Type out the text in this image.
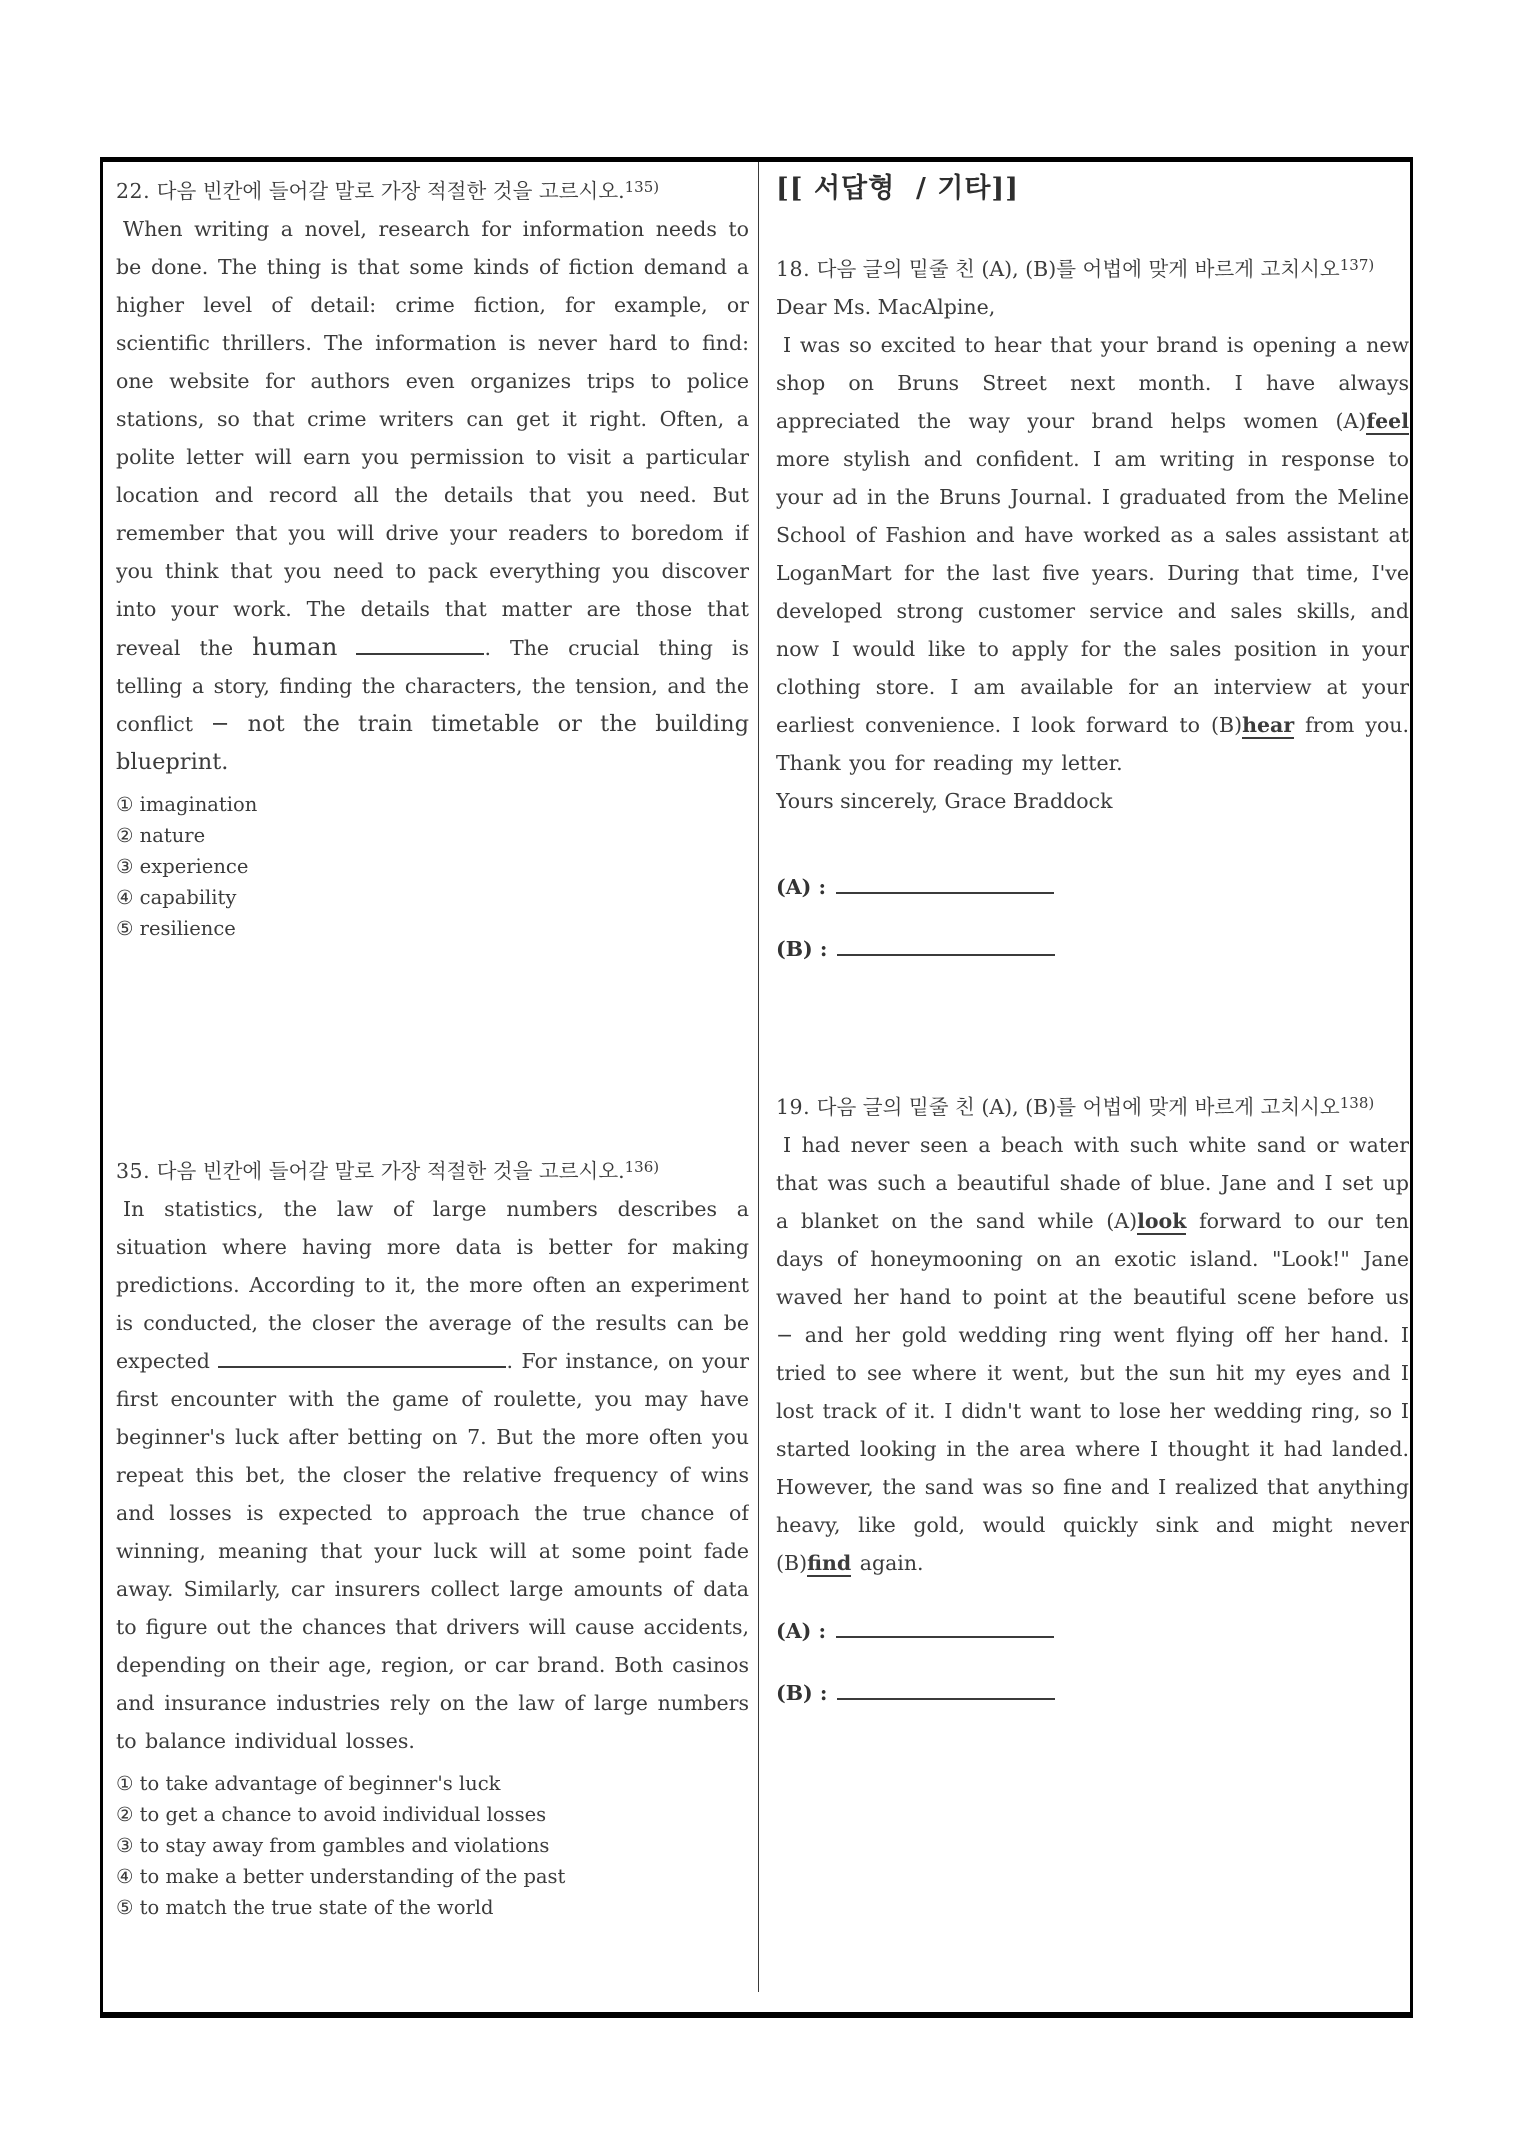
22. 다음 빈칸에 들어갈 말로 가장 적절한 것을 고르시오.$^{135)}$

When writing a novel, research for information needs to be done. The thing is that some kinds of fiction demand a higher level of detail: crime fiction, for example, or scientific thrillers. The information is never hard to find: one website for authors even organizes trips to police stations, so that crime writers can get it right. Often, a polite letter will earn you permission to visit a particular location and record all the details that you need. But remember that you will drive your readers to boredom if you think that you need to pack everything you discover into your work. The details that matter are those that reveal the human	. The crucial thing is telling a story, finding the characters, the tension, and the conflict − not the train timetable or the building blueprint.

① imagination
② nature
③ experience
④ capability
⑤ resilience
35. 다음 빈칸에 들어갈 말로 가장 적절한 것을 고르시오.$^{136)}$

In statistics, the law of large numbers describes a situation where having more data is better for making predictions. According to it, the more often an experiment is conducted, the closer the average of the results can be expected	. For instance, on your first encounter with the game of roulette, you may have beginner's luck after betting on 7. But the more often you repeat this bet, the closer the relative frequency of wins and losses is expected to approach the true chance of winning, meaning that your luck will at some point fade away. Similarly, car insurers collect large amounts of data to figure out the chances that drivers will cause accidents, depending on their age, region, or car brand. Both casinos and insurance industries rely on the law of large numbers to balance individual losses.

① to take advantage of beginner's luck
② to get a chance to avoid individual losses
③ to stay away from gambles and violations
④ to make a better understanding of the past
⑤ to match the true state of the world
[[ 서답형  / 기타]]
18. 다음 글의 밑줄 친 (A), (B)를 어법에 맞게 바르게 고치시오$^{137)}$
Dear Ms. MacAlpine,

I was so excited to hear that your brand is opening a new shop on Bruns Street next month. I have always appreciated the way your brand helps women (A)feel more stylish and confident. I am writing in response to your ad in the Bruns Journal. I graduated from the Meline School of Fashion and have worked as a sales assistant at LoganMart for the last five years. During that time, I've developed strong customer service and sales skills, and now I would like to apply for the sales position in your clothing store. I am available for an interview at your earliest convenience. I look forward to (B)hear from you. Thank you for reading my letter.

Yours sincerely, Grace Braddock
(A) :
(B) :
19. 다음 글의 밑줄 친 (A), (B)를 어법에 맞게 바르게 고치시오$^{138)}$

I had never seen a beach with such white sand or water that was such a beautiful shade of blue. Jane and I set up a blanket on the sand while (A)look forward to our ten days of honeymooning on an exotic island. "Look!" Jane waved her hand to point at the beautiful scene before us − and her gold wedding ring went flying off her hand. I tried to see where it went, but the sun hit my eyes and I lost track of it. I didn't want to lose her wedding ring, so I started looking in the area where I thought it had landed. However, the sand was so fine and I realized that anything heavy, like gold, would quickly sink and might never (B)find again.

(A) :
(B) :
